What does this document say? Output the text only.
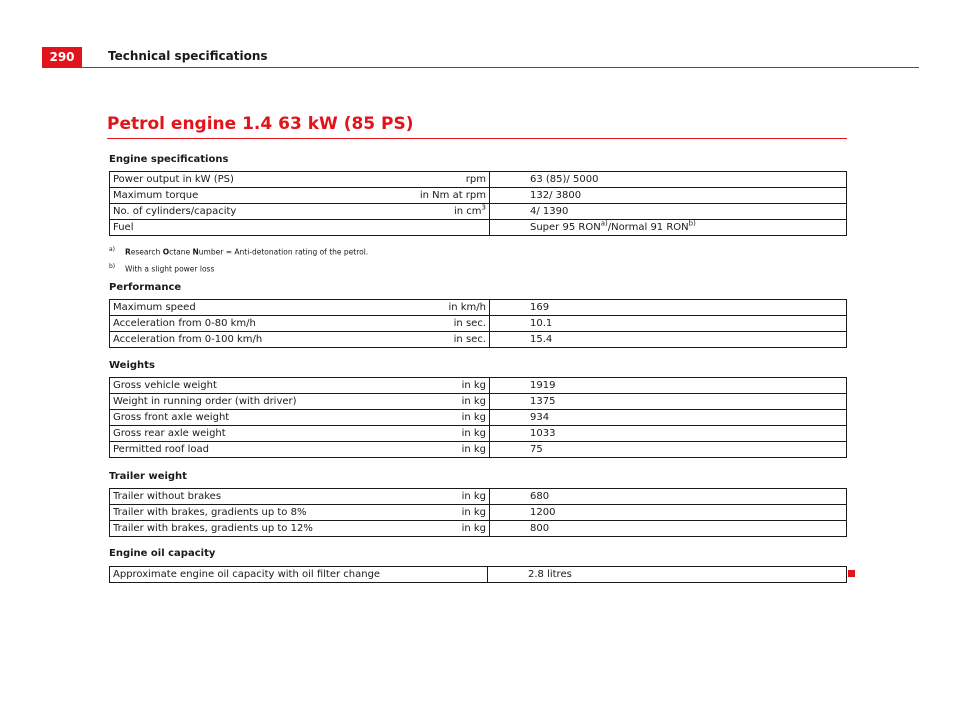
290	Technical specifications
Petrol engine 1.4 63 kW (85 PS)
Engine specifications
Power output in kW (PS)	rpm	63 (85)/ 5000
Maximum torque	in Nm at rpm	132/ 3800
No. of cylinders/capacity	in $cm^3$	4/ 1390
Fuel		Super 95 RON$^{a)}$/Normal 91 RON$^{b)}$
a) Research Octane Number = Anti-detonation rating of the petrol.
b) With a slight power loss
Performance
Maximum speed	in km/h	169
Acceleration from 0-80 km/h	in sec.	10.1
Acceleration from 0-100 km/h	in sec.	15.4
Weights
Gross vehicle weight	in kg	1919
Weight in running order (with driver)	in kg	1375
Gross front axle weight	in kg	934
Gross rear axle weight	in kg	1033
Permitted roof load	in kg	75
Trailer weight
Trailer without brakes	in kg	680
Trailer with brakes, gradients up to 8%	in kg	1200
Trailer with brakes, gradients up to 12%	in kg	800
Engine oil capacity
Approximate engine oil capacity with oil filter change	2.8 litres
